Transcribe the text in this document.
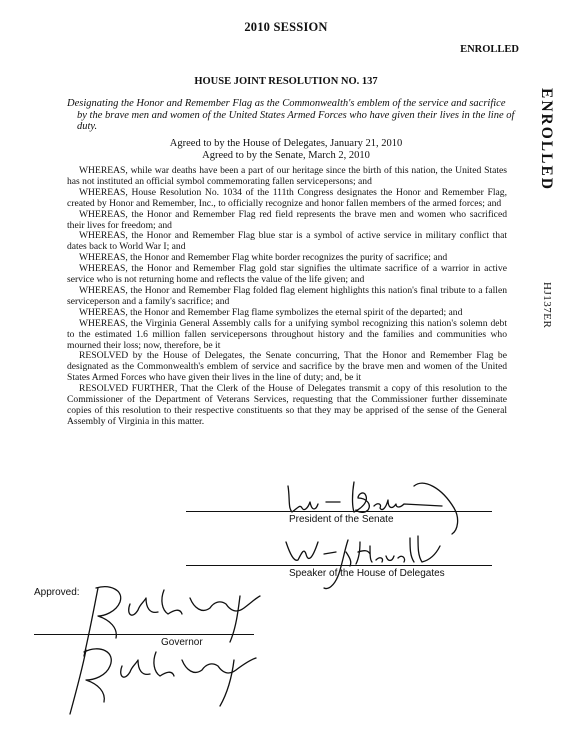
2010 SESSION
ENROLLED
ENROLLED
HJ137ER
HOUSE JOINT RESOLUTION NO. 137
Designating the Honor and Remember Flag as the Commonwealth's emblem of the service and sacrifice by the brave men and women of the United States Armed Forces who have given their lives in the line of duty.
Agreed to by the House of Delegates, January 21, 2010
Agreed to by the Senate, March 2, 2010

WHEREAS, while war deaths have been a part of our heritage since the birth of this nation, the United States has not instituted an official symbol commemorating fallen servicepersons; and

WHEREAS, House Resolution No. 1034 of the 111th Congress designates the Honor and Remember Flag, created by Honor and Remember, Inc., to officially recognize and honor fallen members of the armed forces; and

WHEREAS, the Honor and Remember Flag red field represents the brave men and women who sacrificed their lives for freedom; and

WHEREAS, the Honor and Remember Flag blue star is a symbol of active service in military conflict that dates back to World War I; and

WHEREAS, the Honor and Remember Flag white border recognizes the purity of sacrifice; and

WHEREAS, the Honor and Remember Flag gold star signifies the ultimate sacrifice of a warrior in active service who is not returning home and reflects the value of the life given; and

WHEREAS, the Honor and Remember Flag folded flag element highlights this nation's final tribute to a fallen serviceperson and a family's sacrifice; and

WHEREAS, the Honor and Remember Flag flame symbolizes the eternal spirit of the departed; and

WHEREAS, the Virginia General Assembly calls for a unifying symbol recognizing this nation's solemn debt to the estimated 1.6 million fallen servicepersons throughout history and the families and communities who mourned their loss; now, therefore, be it

RESOLVED by the House of Delegates, the Senate concurring, That the Honor and Remember Flag be designated as the Commonwealth's emblem of service and sacrifice by the brave men and women of the United States Armed Forces who have given their lives in the line of duty; and, be it

RESOLVED FURTHER, That the Clerk of the House of Delegates transmit a copy of this resolution to the Commissioner of the Department of Veterans Services, requesting that the Commissioner further disseminate copies of this resolution to their respective constituents so that they may be apprised of the sense of the General Assembly of Virginia in this matter.

President of the Senate
Speaker of the House of Delegates
Approved:
Governor
